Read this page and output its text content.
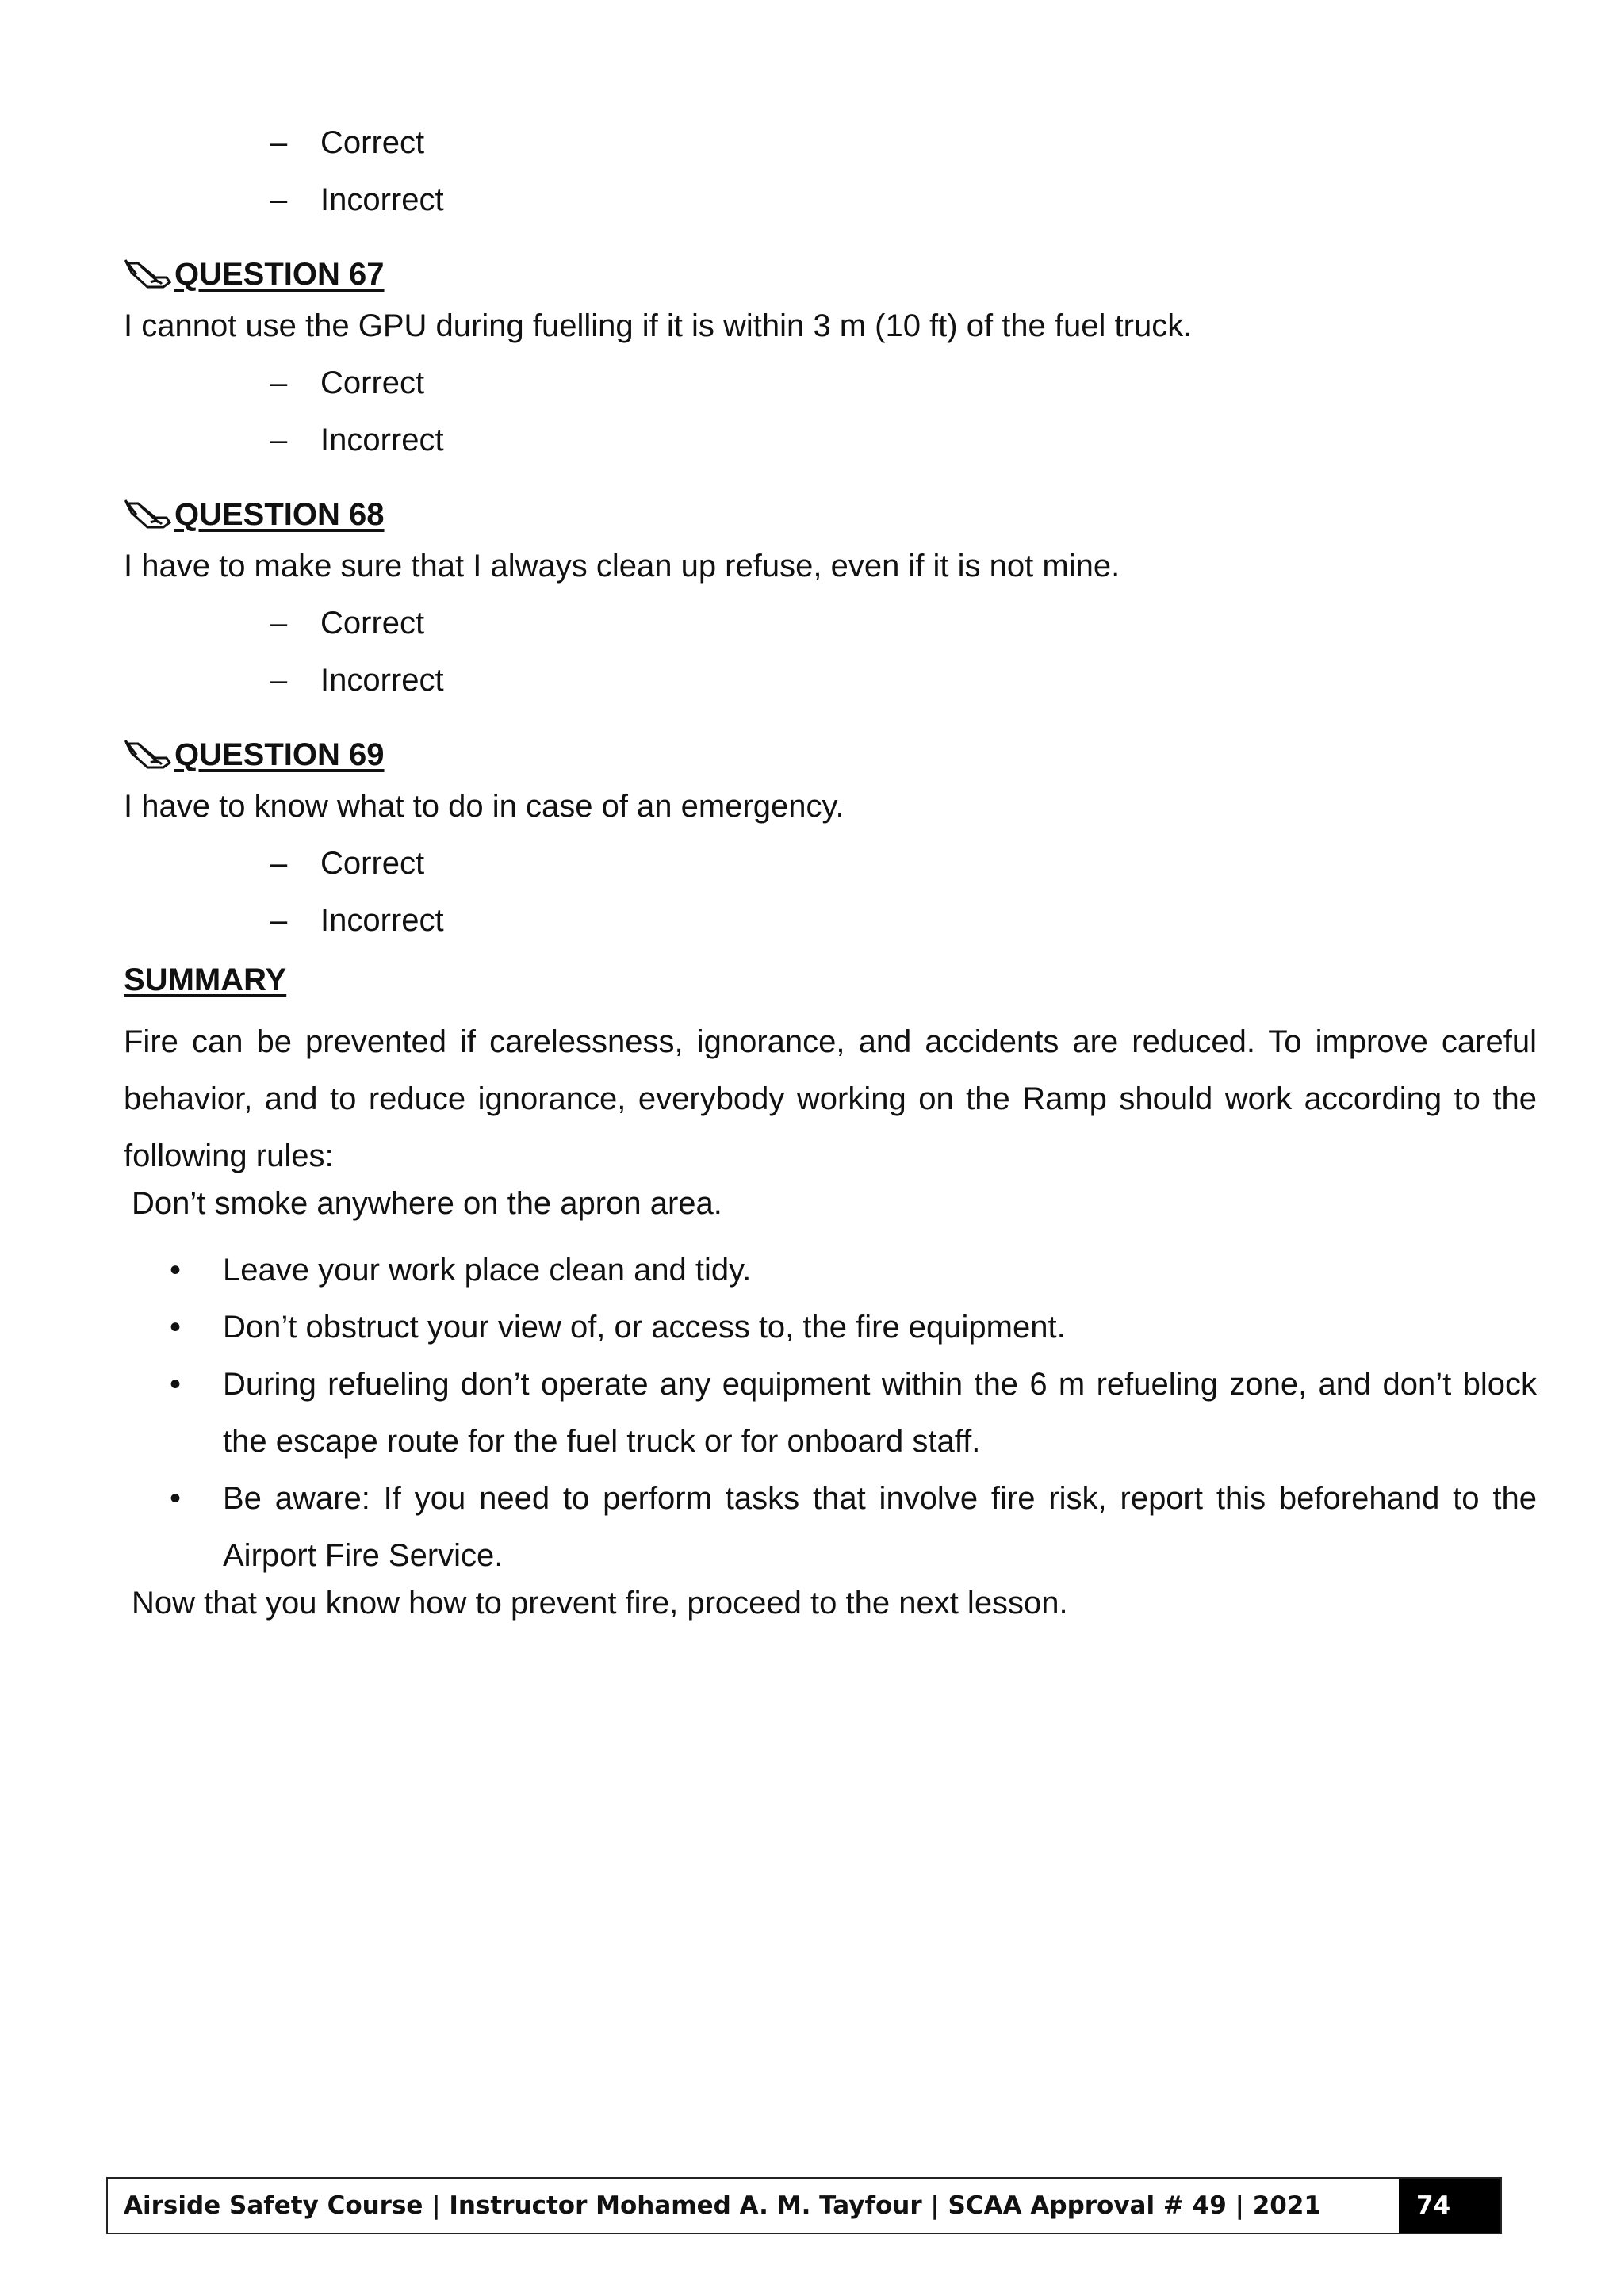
– Correct
– Incorrect
QUESTION 67
I cannot use the GPU during fuelling if it is within 3 m (10 ft) of the fuel truck.
– Correct
– Incorrect
QUESTION 68
I have to make sure that I always clean up refuse, even if it is not mine.
– Correct
– Incorrect
QUESTION 69
I have to know what to do in case of an emergency.
– Correct
– Incorrect
SUMMARY

Fire can be prevented if carelessness, ignorance, and accidents are reduced. To improve careful behavior, and to reduce ignorance, everybody working on the Ramp should work according to the following rules:

Don’t smoke anywhere on the apron area.
• Leave your work place clean and tidy.
• Don’t obstruct your view of, or access to, the fire equipment.
• During refueling don’t operate any equipment within the 6 m refueling zone, and don’t block the escape route for the fuel truck or for onboard staff.
• Be aware: If you need to perform tasks that involve fire risk, report this beforehand to the Airport Fire Service.
Now that you know how to prevent fire, proceed to the next lesson.
Airside Safety Course | Instructor Mohamed A. M. Tayfour | SCAA Approval # 49 | 2021	74
